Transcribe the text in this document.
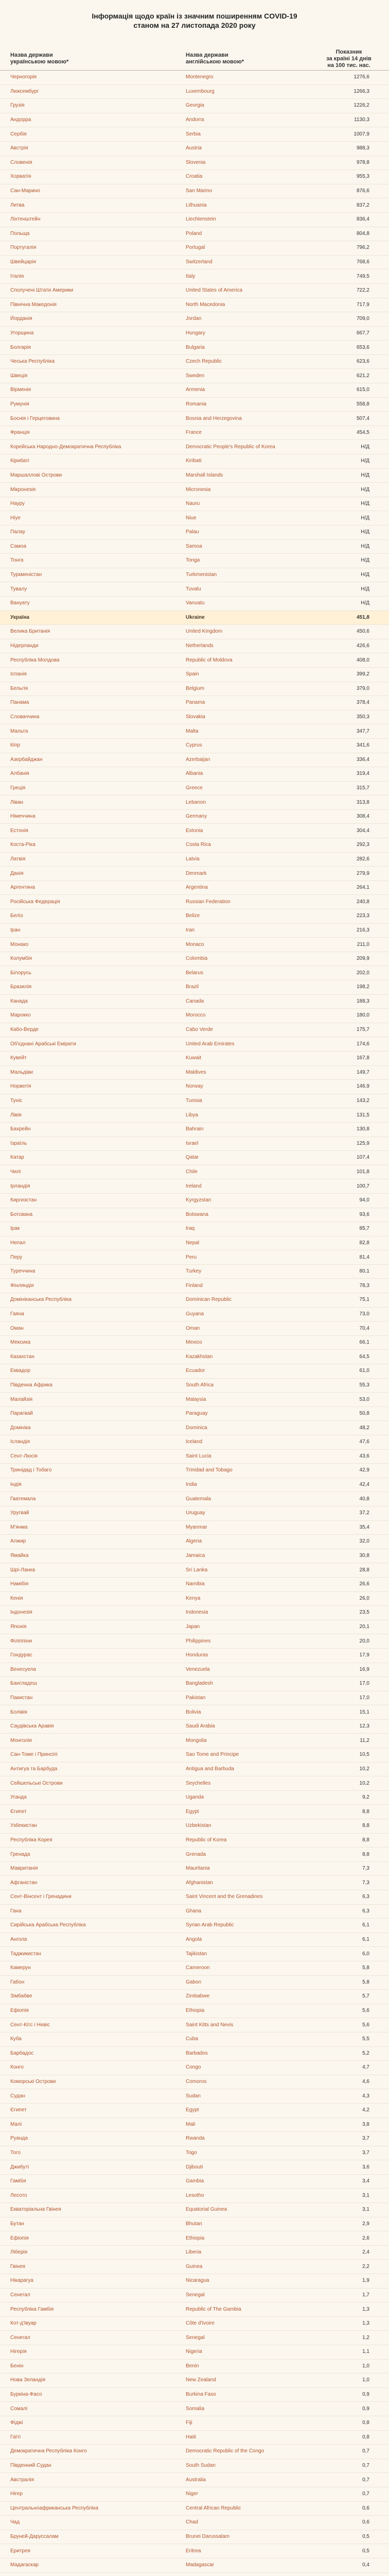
Інформація щодо країн із значним поширенням COVID-19
станом на 27 листопада 2020 року
Назва держави
українською мовою*
Назва держави
англійською мовою*
Показник
за країні 14 днів
на 100 тис. нас.
Черногорія	Montenegro	1276,6
Люксембург	Luxembourg	1266,3
Грузія	Georgia	1226,2
Андорра	Andorra	1130,3
Сербія	Serbia	1007,9
Австрія	Austria	988,3
Словенія	Slovenia	978,8
Хорватія	Croatia	955,3
Сан-Марино	San Marino	876,6
Литва	Lithuania	837,2
Ліхтенштейн	Liechtenstein	836,4
Польща	Poland	804,8
Португалія	Portugal	796,2
Швейцарія	Switzerland	768,6
Італія	Italy	749,5
Сполучені Штати Америки	United States of America	722,2
Північна Македонія	North Macedonia	717,9
Йорданія	Jordan	709,0
Угорщина	Hungary	667,7
Болгарія	Bulgaria	653,6
Чеська Республіка	Czech Republic	623,6
Швеція	Sweden	621,2
Вірменія	Armenia	615,0
Румунія	Romania	558,8
Боснія і Герцеговина	Bosnia and Herzegovina	507,4
Франція	France	454,5
Корейська Народно-Демократична Республіка	Democratic People's Republic of Korea	Н/Д
Кірибаті	Kiribati	Н/Д
Маршаллові Острови	Marshall Islands	Н/Д
Мікронезія	Micronesia	Н/Д
Науру	Nauru	Н/Д
Ніуе	Niue	Н/Д
Палау	Palau	Н/Д
Самоа	Samoa	Н/Д
Тонга	Tonga	Н/Д
Туркменістан	Turkmenistan	Н/Д
Тувалу	Tuvalu	Н/Д
Вануату	Vanuatu	Н/Д
Україна	Ukraine	451,8
Велика Британія	United Kingdom	450,6
Нідерланди	Netherlands	426,6
Республіка Молдова	Republic of Moldova	408,0
Іспанія	Spain	399,2
Бельгія	Belgium	379,0
Панама	Panama	378,4
Словаччина	Slovakia	350,3
Мальта	Malta	347,7
Кіпр	Cyprus	341,6
Азербайджан	Azerbaijan	336,4
Албанія	Albania	319,4
Греція	Greece	315,7
Ліван	Lebanon	313,8
Німеччина	Germany	308,4
Естонія	Estonia	304,4
Коста-Ріка	Costa Rica	292,3
Латвія	Latvia	282,6
Данія	Denmark	279,9
Аргентина	Argentina	264,1
Російська Федерація	Russian Federation	240,8
Беліз	Belize	223,3
Іран	Iran	216,3
Монако	Monaco	211,0
Колумбія	Colombia	209,9
Білорусь	Belarus	202,0
Бразилія	Brazil	198,2
Канада	Canada	188,3
Марокко	Morocco	180,0
Кабо-Верде	Cabo Verde	175,7
Об'єднані Арабські Емірати	United Arab Emirates	174,6
Кувейт	Kuwait	167,8
Мальдіви	Maldives	149,7
Норвегія	Norway	146,9
Туніс	Tunisia	143,2
Лівія	Libya	131,5
Бахрейн	Bahrain	130,8
Ізраїль	Israel	125,9
Катар	Qatar	107,4
Чилі	Chile	101,8
Ірландія	Ireland	100,7
Киргизстан	Kyrgyzstan	94,0
Ботсвана	Botswana	93,6
Ірак	Iraq	85,7
Непал	Nepal	82,8
Перу	Peru	81,4
Туреччина	Turkey	80,1
Фінляндія	Finland	78,3
Домініканська Республіка	Dominican Republic	75,1
Гаяна	Guyana	73,0
Оман	Oman	70,4
Мексика	Mexico	66,1
Казахстан	Kazakhstan	64,5
Еквадор	Ecuador	61,0
Південна Африка	South Africa	55,3
Малайзія	Malaysia	53,0
Парагвай	Paraguay	50,8
Домініка	Dominica	48,2
Ісландія	Iceland	47,6
Сент-Люсія	Saint Lucia	43,6
Тринідад і Тобаго	Trinidad and Tobago	42,9
Індія	India	42,4
Гватемала	Guatemala	40,8
Уругвай	Uruguay	37,2
М'янма	Myanmar	35,4
Алжир	Algeria	32,0
Ямайка	Jamaica	30,8
Шрі-Ланка	Sri Lanka	28,8
Намібія	Namibia	26,6
Кенія	Kenya	26,0
Індонезія	Indonesia	23,5
Японія	Japan	20,1
Філіппіни	Philippines	20,0
Гондурас	Honduras	17,9
Венесуела	Venezuela	16,9
Бангладеш	Bangladesh	17,0
Пакистан	Pakistan	17,0
Болівія	Bolivia	15,1
Саудівська Аравія	Saudi Arabia	12,3
Монголія	Mongolia	11,2
Сан-Томе і Принсіпі	Sao Tome and Principe	10,5
Антигуа та Барбуда	Antigua and Barbuda	10,2
Сейшельські Острови	Seychelles	10,2
Уганда	Uganda	9,2
Єгипет	Egypt	8,8
Узбекистан	Uzbekistan	8,8
Республіка Корея	Republic of Korea	8,8
Гренада	Grenada	8,8
Мавританія	Mauritania	7,3
Афганістан	Afghanistan	7,3
Сент-Вінсент і Гренадини	Saint Vincent and the Grenadines	6,3
Гана	Ghana	6,3
Сирійська Арабська Республіка	Syrian Arab Republic	6,1
Ангола	Angola	6,1
Таджикистан	Tajikistan	6,0
Камерун	Cameroon	5,8
Габон	Gabon	5,8
Зімбабве	Zimbabwe	5,7
Ефіопія	Ethiopia	5,6
Сент-Кітс і Невіс	Saint Kitts and Nevis	5,6
Куба	Cuba	5,5
Барбадос	Barbados	5,2
Конго	Congo	4,7
Коморські Острови	Comoros	4,6
Судан	Sudan	4,3
Єгипет	Egypt	4,2
Малі	Mali	3,8
Руанда	Rwanda	3,7
Того	Togo	3,7
Джибуті	Djibouti	3,6
Гамбія	Gambia	3,4
Лесото	Lesotho	3,1
Екваторіальна Гвінея	Equatorial Guinea	3,1
Бутан	Bhutan	2,9
Ефіопія	Ethiopia	2,6
Ліберія	Liberia	2,4
Гвінея	Guinea	2,2
Нікарагуа	Nicaragua	1,9
Сенегал	Senegal	1,7
Республіка Гамбія	Republic of The Gambia	1,3
Кот-д'Івуар	Côte d'Ivoire	1,3
Сенегал	Senegal	1,2
Нігерія	Nigeria	1,1
Бенін	Benin	1,0
Нова Зеландія	New Zealand	1,0
Буркіна-Фасо	Burkina Faso	0,9
Сомалі	Somalia	0,9
Фіджі	Fiji	0,8
Гаїті	Haiti	0,8
Демократична Республіка Конго	Democratic Republic of the Congo	0,7
Південний Судан	South Sudan	0,7
Австралія	Australia	0,7
Нігер	Niger	0,7
Центральноафриканська Республіка	Central African Republic	0,6
Чад	Chad	0,6
Бруней-Даруссалам	Brunei Darussalam	0,5
Еритрея	Eritrea	0,5
Мадагаскар	Madagascar	0,4
